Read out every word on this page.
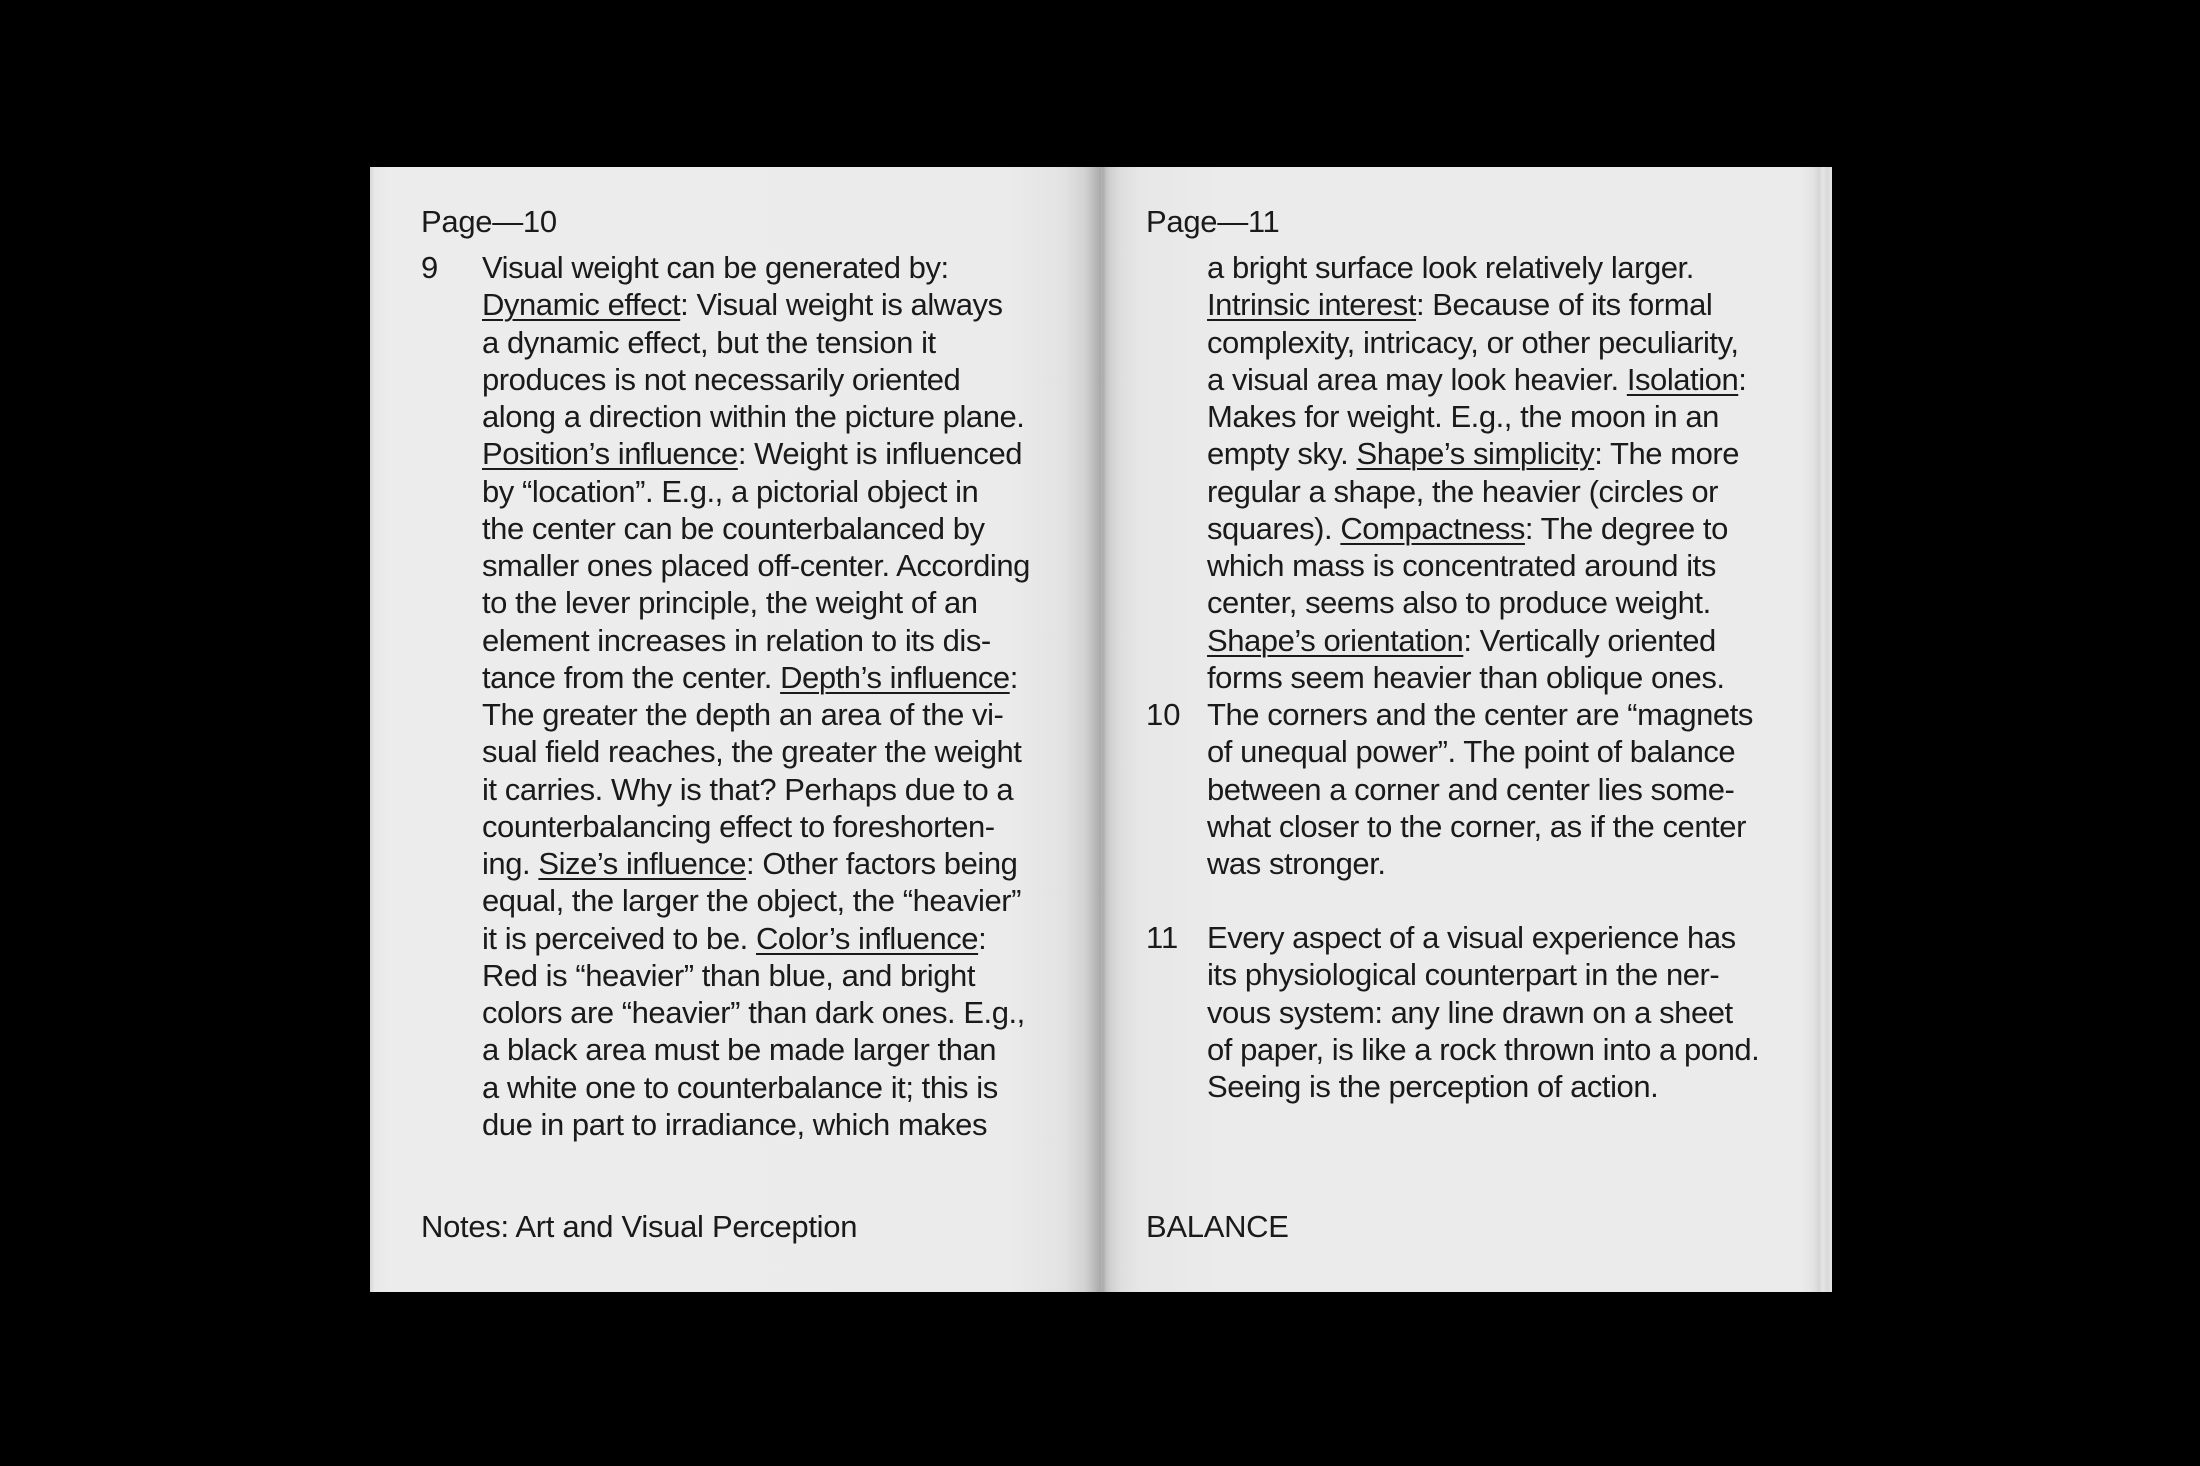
Page—10
9 Visual weight can be generated by:
Dynamic effect: Visual weight is always
a dynamic effect, but the tension it
produces is not necessarily oriented
along a direction within the picture plane.
Position’s influence: Weight is influenced
by “location”. E.g., a pictorial object in
the center can be counterbalanced by
smaller ones placed off-center. According
to the lever principle, the weight of an
element increases in relation to its dis-
tance from the center. Depth’s influence:
The greater the depth an area of the vi-
sual field reaches, the greater the weight
it carries. Why is that? Perhaps due to a
counterbalancing effect to foreshorten-
ing. Size’s influence: Other factors being
equal, the larger the object, the “heavier”
it is perceived to be. Color’s influence:
Red is “heavier” than blue, and bright
colors are “heavier” than dark ones. E.g.,
a black area must be made larger than
a white one to counterbalance it; this is
due in part to irradiance, which makes
Notes: Art and Visual Perception
Page—11
a bright surface look relatively larger.
Intrinsic interest: Because of its formal
complexity, intricacy, or other peculiarity,
a visual area may look heavier. Isolation:
Makes for weight. E.g., the moon in an
empty sky. Shape’s simplicity: The more
regular a shape, the heavier (circles or
squares). Compactness: The degree to
which mass is concentrated around its
center, seems also to produce weight.
Shape’s orientation: Vertically oriented
forms seem heavier than oblique ones.
10 The corners and the center are “magnets
of unequal power”. The point of balance
between a corner and center lies some-
what closer to the corner, as if the center
was stronger.
11 Every aspect of a visual experience has
its physiological counterpart in the ner-
vous system: any line drawn on a sheet
of paper, is like a rock thrown into a pond.
Seeing is the perception of action.
BALANCE
